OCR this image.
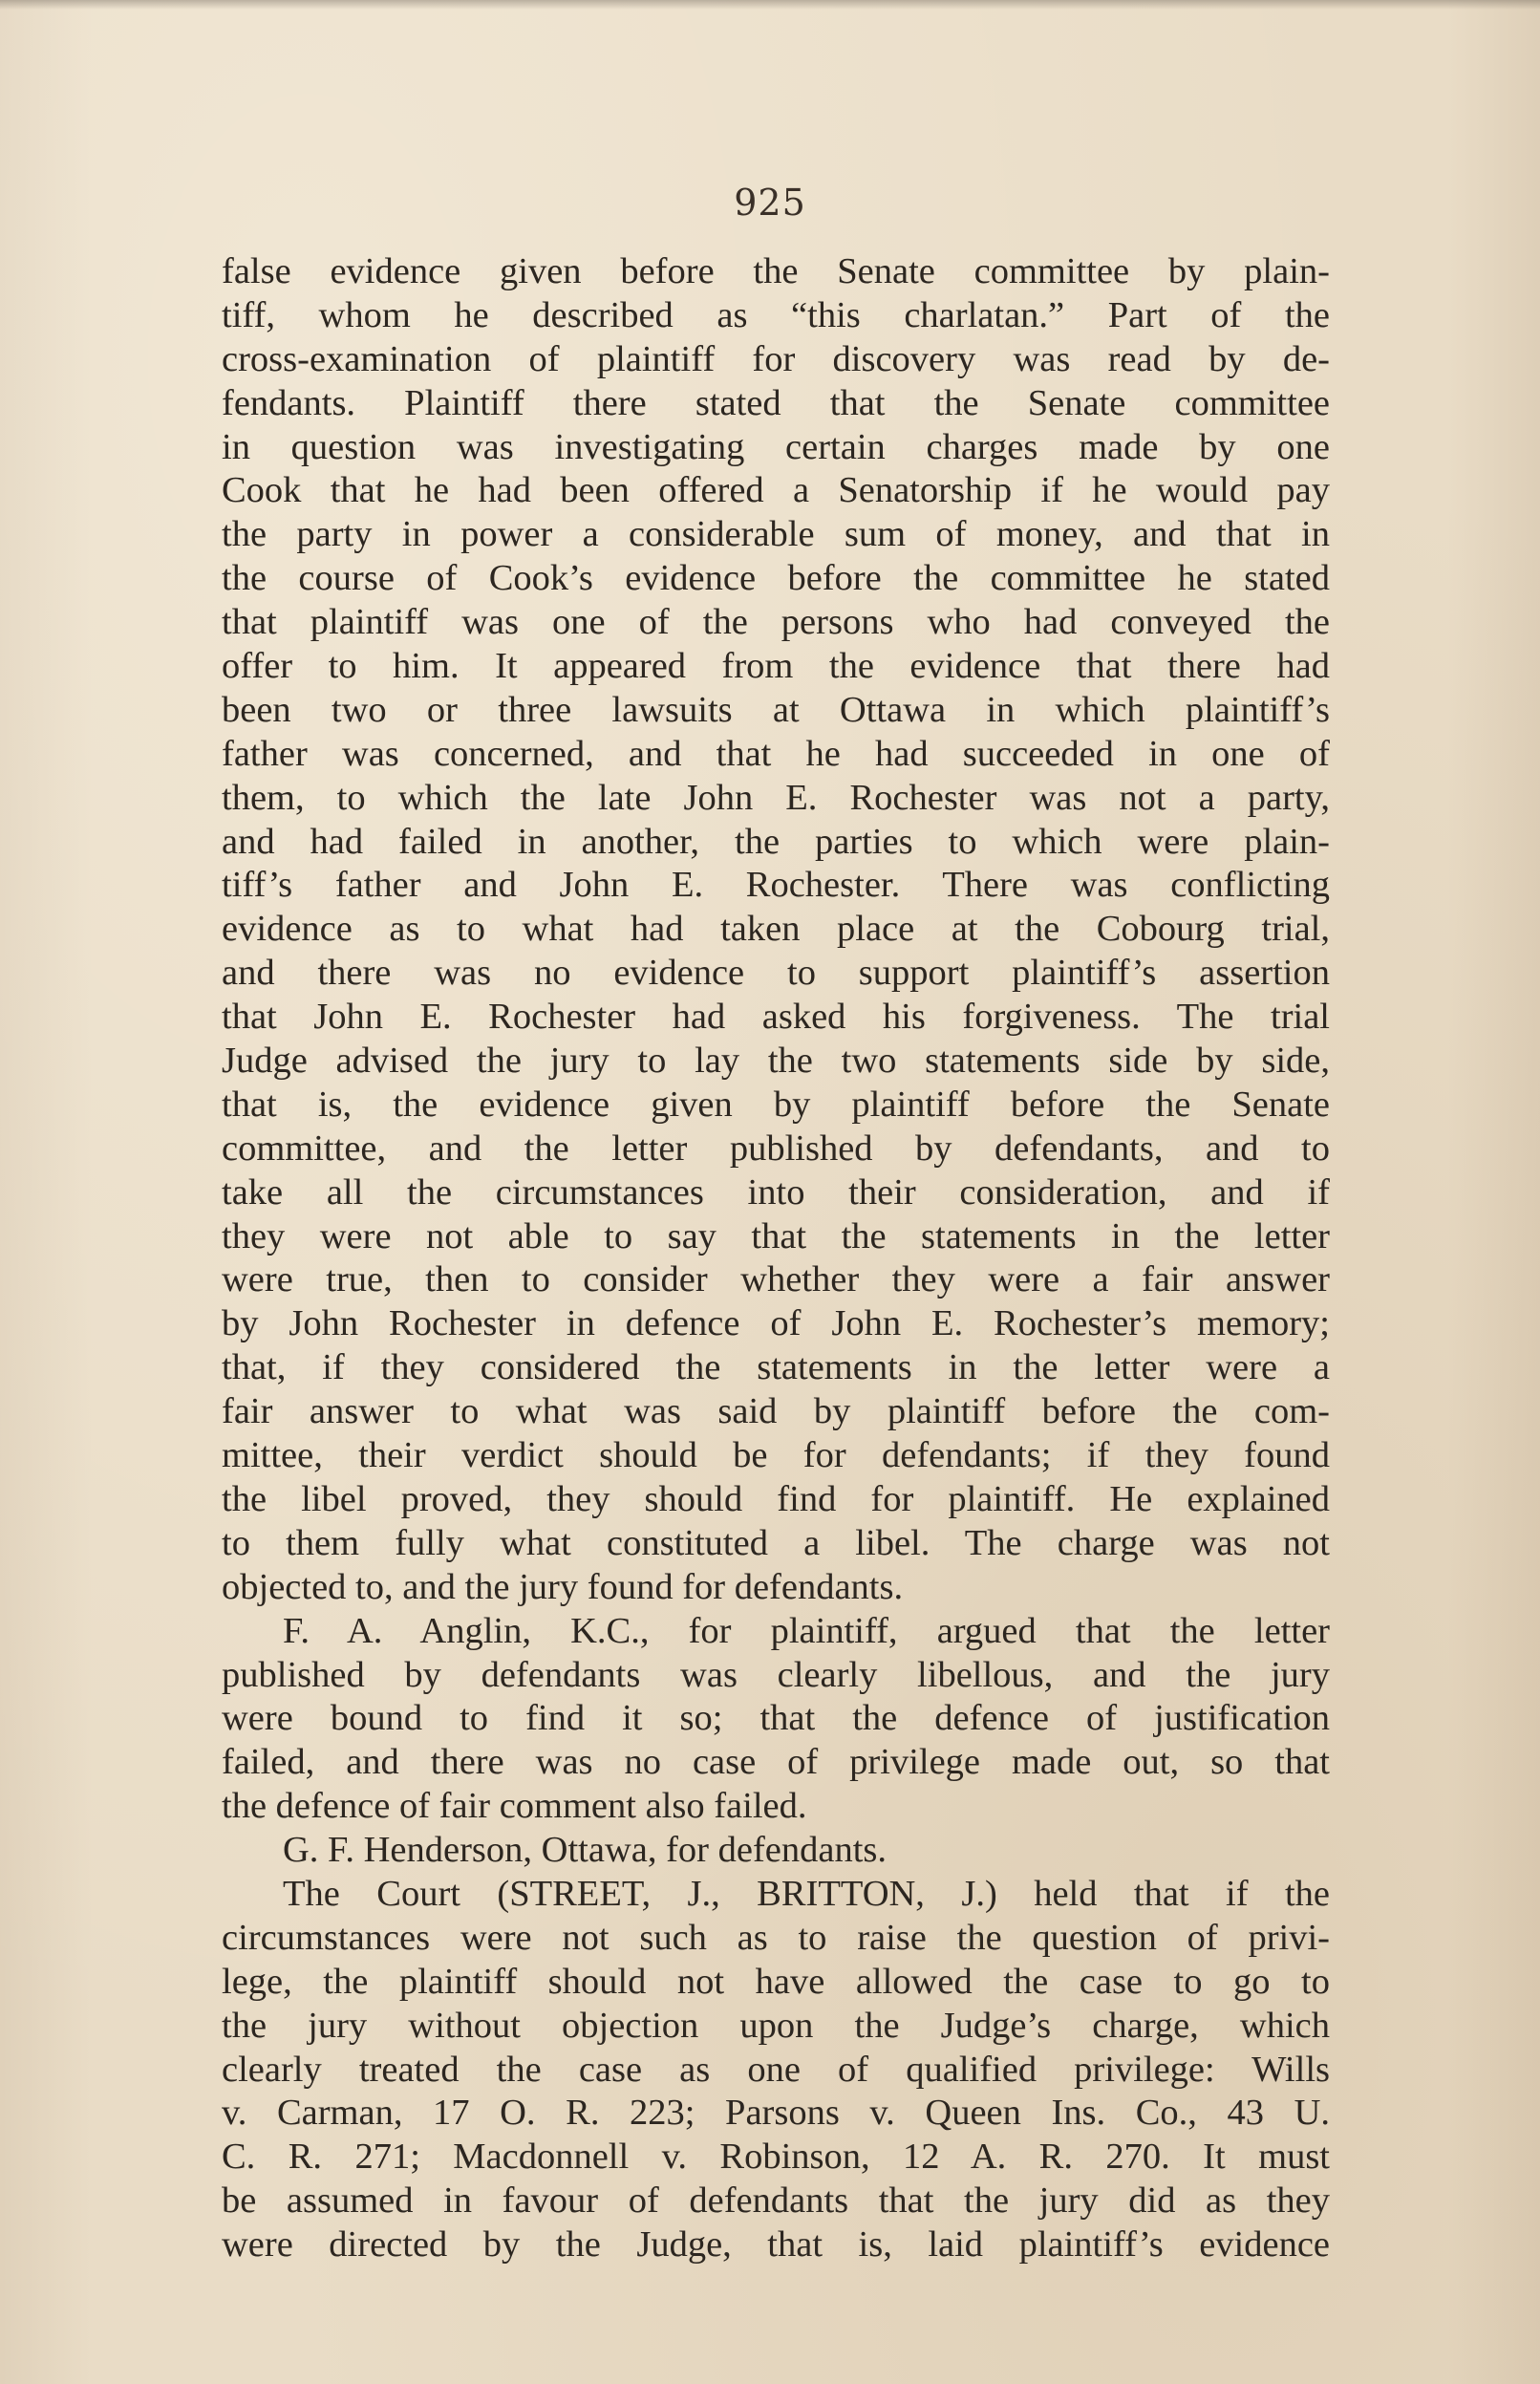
925
false evidence given before the Senate committee by plain-
tiff, whom he described as “this charlatan.” Part of the
cross-examination of plaintiff for discovery was read by de-
fendants. Plaintiff there stated that the Senate committee
in question was investigating certain charges made by one
Cook that he had been offered a Senatorship if he would pay
the party in power a considerable sum of money, and that in
the course of Cook’s evidence before the committee he stated
that plaintiff was one of the persons who had conveyed the
offer to him. It appeared from the evidence that there had
been two or three lawsuits at Ottawa in which plaintiff’s
father was concerned, and that he had succeeded in one of
them, to which the late John E. Rochester was not a party,
and had failed in another, the parties to which were plain-
tiff’s father and John E. Rochester. There was conflicting
evidence as to what had taken place at the Cobourg trial,
and there was no evidence to support plaintiff’s assertion
that John E. Rochester had asked his forgiveness. The trial
Judge advised the jury to lay the two statements side by side,
that is, the evidence given by plaintiff before the Senate
committee, and the letter published by defendants, and to
take all the circumstances into their consideration, and if
they were not able to say that the statements in the letter
were true, then to consider whether they were a fair answer
by John Rochester in defence of John E. Rochester’s memory;
that, if they considered the statements in the letter were a
fair answer to what was said by plaintiff before the com-
mittee, their verdict should be for defendants; if they found
the libel proved, they should find for plaintiff. He explained
to them fully what constituted a libel. The charge was not
objected to, and the jury found for defendants.
F. A. Anglin, K.C., for plaintiff, argued that the letter
published by defendants was clearly libellous, and the jury
were bound to find it so; that the defence of justification
failed, and there was no case of privilege made out, so that
the defence of fair comment also failed.
G. F. Henderson, Ottawa, for defendants.
The Court (STREET, J., BRITTON, J.) held that if the
circumstances were not such as to raise the question of privi-
lege, the plaintiff should not have allowed the case to go to
the jury without objection upon the Judge’s charge, which
clearly treated the case as one of qualified privilege: Wills
v. Carman, 17 O. R. 223; Parsons v. Queen Ins. Co., 43 U.
C. R. 271; Macdonnell v. Robinson, 12 A. R. 270. It must
be assumed in favour of defendants that the jury did as they
were directed by the Judge, that is, laid plaintiff’s evidence
